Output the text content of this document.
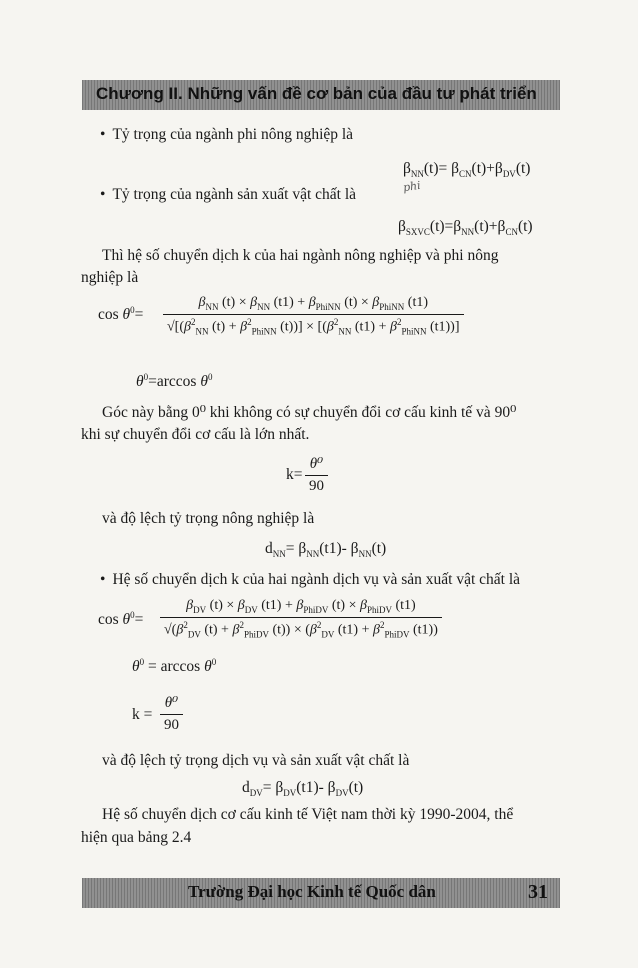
Chương II. Những vấn đề cơ bản của đầu tư phát triển
• Tỷ trọng của ngành phi nông nghiệp là
$\beta_{NN}(t)= \beta_{CN}(t)+\beta_{DV}(t)$
phi
• Tỷ trọng của ngành sản xuất vật chất là
$\beta_{SXVC}(t)=\beta_{NN}(t)+\beta_{CN}(t)$
Thì hệ số chuyển dịch k của hai ngành nông nghiệp và phi nông
nghiệp là
$\cos \theta^0=$
$\beta_{NN}$ $(t) \times \beta_{NN}$ $(t1) + \beta_{PhiNN}$ $(t) \times \beta_{PhiNN}$ (t1)
$√[(\beta^2_{NN}$ $(t) + \beta^2_{PhiNN}$ $(t))] \times [(\beta^2_{NN}$ $(t1) + \beta^2_{PhiNN}$ (t1))]
$\theta^0=\arccos$ $\theta^0$
Góc này bằng 0⁰ khi không có sự chuyển đổi cơ cấu kinh tế và 90⁰
khi sự chuyển đổi cơ cấu là lớn nhất.
$k= \frac{\text{θ⁰}}{90}$
và độ lệch tỷ trọng nông nghiệp là
$d_{NN}= \beta_{NN}(t1)-$ $\beta_{NN}(t)$
• Hệ số chuyển dịch k của hai ngành dịch vụ và sản xuất vật chất là
$\cos \theta^0=$
$\beta_{DV}$ $(t) \times \beta_{DV}$ $(t1) + \beta_{PhiDV}$ $(t) \times \beta_{PhiDV}$ (t1)
$√(\beta^2_{DV}$ $(t) + \beta^2_{PhiDV}$ $(t)) \times (\beta^2_{DV}$ $(t1) + \beta^2_{PhiDV}$ (t1))
$\theta^0 = \arccos \theta^0$
$k = \frac{\text{θ⁰}}{90}$
và độ lệch tỷ trọng dịch vụ và sản xuất vật chất là
$d_{DV}= \beta_{DV}(t1)-$ $\beta_{DV}(t)$
Hệ số chuyển dịch cơ cấu kinh tế Việt nam thời kỳ 1990-2004, thể
hiện qua bảng 2.4
Trường Đại học Kinh tế Quốc dân	31
